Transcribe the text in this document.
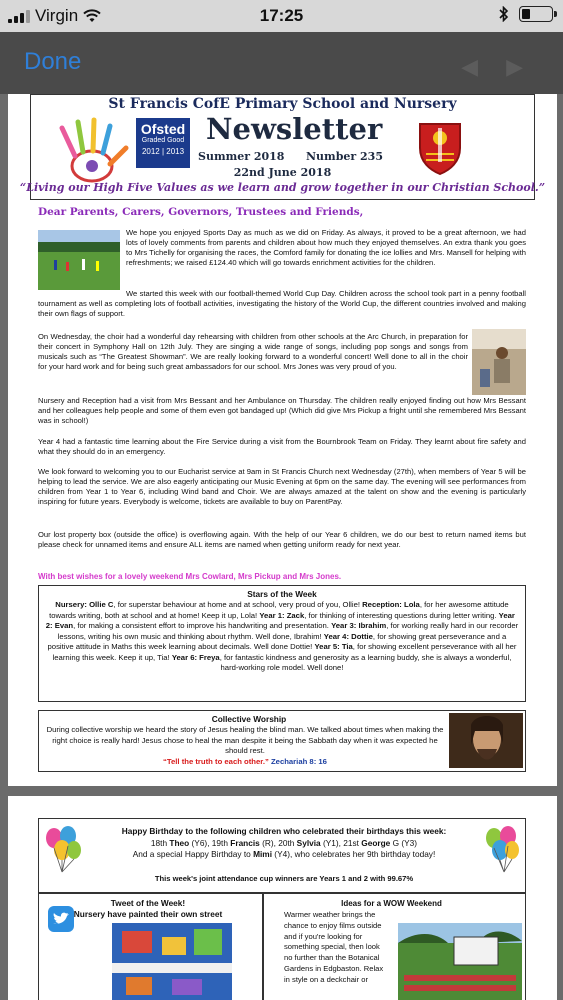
Virgin	17:25
Done	◀ ▶
St Francis CofE Primary School and Nursery
Ofsted
Graded Good
2012 | 2013
Newsletter
Summer 2018 Number 235
22nd June 2018
“Living our High Five Values as we learn and grow together in our Christian School.”
Dear Parents, Carers, Governors, Trustees and Friends,

We hope you enjoyed Sports Day as much as we did on Friday. As always, it proved to be a great afternoon, we had lots of lovely comments from parents and children about how much they enjoyed themselves. An extra thank you goes to Mrs Tichelly for organising the races, the Comford family for donating the ice lollies and Mrs. Mansell for helping with refreshments; we raised £124.40 which will go towards enrichment activities for the children.

We started this week with our football-themed World Cup Day. Children across the school took part in a penny football tournament as well as completing lots of football activities, investigating the history of the World Cup, the different countries involved and making their own flags of support.

On Wednesday, the choir had a wonderful day rehearsing with children from other schools at the Arc Church, in preparation for their concert in Symphony Hall on 12th July. They are singing a wide range of songs, including pop songs and songs from musicals such as “The Greatest Showman”. We are really looking forward to a wonderful concert! Well done to all in the choir for your hard work and for being such great ambassadors for our school. Mrs Jones was very proud of you.

Nursery and Reception had a visit from Mrs Bessant and her Ambulance on Thursday. The children really enjoyed finding out how Mrs Bessant and her colleagues help people and some of them even got bandaged up! (Which did give Mrs Pickup a fright until she remembered Mrs Bessant was in school!)

Year 4 had a fantastic time learning about the Fire Service during a visit from the Bournbrook Team on Friday. They learnt about fire safety and what they should do in an emergency.

We look forward to welcoming you to our Eucharist service at 9am in St Francis Church next Wednesday (27th), when members of Year 5 will be helping to lead the service. We are also eagerly anticipating our Music Evening at 6pm on the same day. The evening will see performances from children from Year 1 to Year 6, including Wind band and Choir. We are always amazed at the talent on show and the evening is particularly inspiring for future years. Everybody is welcome, tickets are available to buy on ParentPay.

Our lost property box (outside the office) is overflowing again. With the help of our Year 6 children, we do our best to return named items but please check for unnamed items and ensure ALL items are named when getting uniform ready for next year.

With best wishes for a lovely weekend Mrs Cowlard, Mrs Pickup and Mrs Jones.
Stars of the Week
Nursery: Ollie C, for superstar behaviour at home and at school, very proud of you, Ollie! Reception: Lola, for her awesome attitude towards writing, both at school and at home! Keep it up, Lola! Year 1: Zack, for thinking of interesting questions during letter writing. Year 2: Evan, for making a consistent effort to improve his handwriting and presentation. Year 3: Ibrahim, for working really hard in our recorder lessons, writing his own music and thinking about rhythm. Well done, Ibrahim! Year 4: Dottie, for showing great perseverance and a positive attitude in Maths this week learning about decimals. Well done Dottie! Year 5: Tia, for showing excellent perseverance with all her learning this week. Keep it up, Tia! Year 6: Freya, for fantastic kindness and generosity as a learning buddy, she is always a wonderful, hard-working role model. Well done!
Collective Worship
During collective worship we heard the story of Jesus healing the blind man. We talked about times when making the right choice is really hard! Jesus chose to heal the man despite it being the Sabbath day when it was expected he should rest.
“Tell the truth to each other.” Zechariah 8: 16
Happy Birthday to the following children who celebrated their birthdays this week:
18th Theo (Y6), 19th Francis (R), 20th Sylvia (Y1), 21st George G (Y3)
And a special Happy Birthday to Mimi (Y4), who celebrates her 9th birthday today!
This week's joint attendance cup winners are Years 1 and 2 with 99.67%
Tweet of the Week!
Nursery have painted their own street
Ideas for a WOW Weekend
Warmer weather brings the chance to enjoy films outside and if you're looking for something special, then look no further than the Botanical Gardens in Edgbaston. Relax in style on a deckchair or
